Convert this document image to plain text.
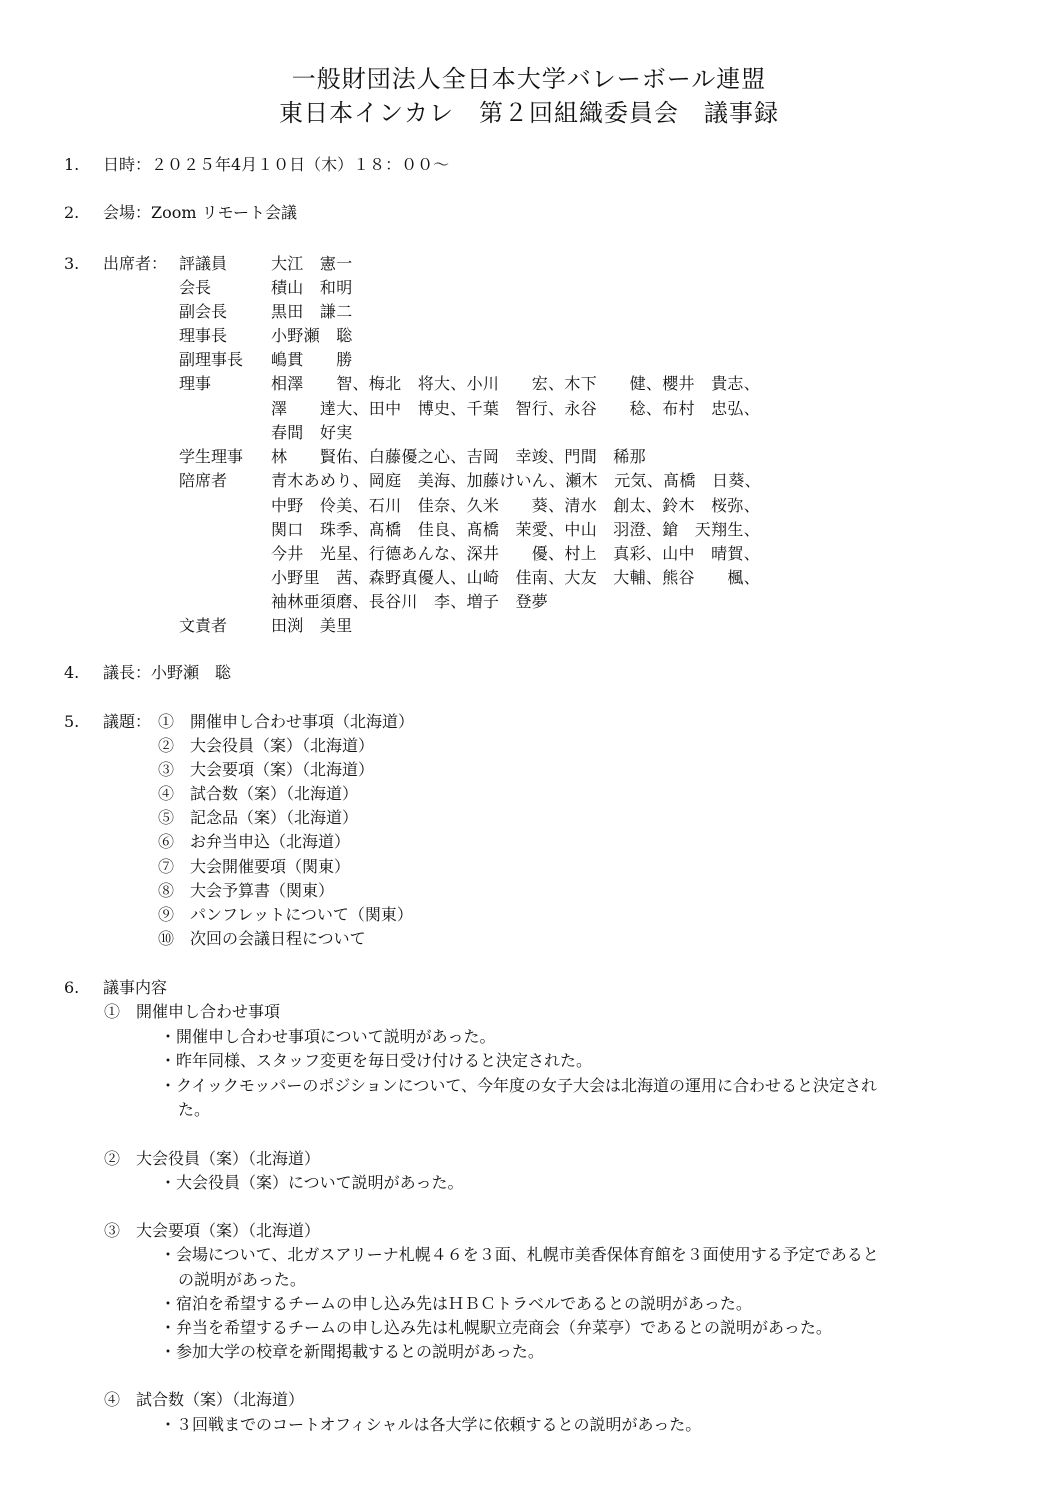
一般財団法人全日本大学バレーボール連盟
東日本インカレ　第２回組織委員会　議事録
1. 日時：２０２５年4月１０日（木）１８：００～
2. 会場：Zoom リモート会議
3. 出席者： 評議員	大江　憲一
会長	積山　和明
副会長	黒田　謙二
理事長	小野瀬　聡
副理事長 嶋貫　　勝
理事	相澤　　智、梅北　将大、小川　　宏、木下　　健、櫻井　貴志、
澤　　達大、田中　博史、千葉　智行、永谷　　稔、布村　忠弘、
春間　好実
学生理事 林　　賢佑、白藤優之心、吉岡　幸竣、門間　稀那
陪席者	青木あめり、岡庭　美海、加藤けいん、瀬木　元気、髙橋　日葵、
中野　伶美、石川　佳奈、久米　　葵、清水　創太、鈴木　桜弥、
関口　珠季、髙橋　佳良、髙橋　茉愛、中山　羽澄、鎗　天翔生、
今井　光星、行德あんな、深井　　優、村上　真彩、山中　晴賀、
小野里　茜、森野真優人、山崎　佳南、大友　大輔、熊谷　　楓、
袖林亜須磨、長谷川　李、増子　登夢
文責者	田渕　美里
4. 議長：小野瀬　聡
5. 議題： ①　開催申し合わせ事項（北海道）
②　大会役員（案）（北海道）
③　大会要項（案）（北海道）
④　試合数（案）（北海道）
⑤　記念品（案）（北海道）
⑥　お弁当申込（北海道）
⑦　大会開催要項（関東）
⑧　大会予算書（関東）
⑨　パンフレットについて（関東）
⑩　次回の会議日程について
6. 議事内容
①　開催申し合わせ事項
・開催申し合わせ事項について説明があった。
・昨年同様、スタッフ変更を毎日受け付けると決定された。
・クイックモッパーのポジションについて、今年度の女子大会は北海道の運用に合わせると決定され
た。
②　大会役員（案）（北海道）
・大会役員（案）について説明があった。
③　大会要項（案）（北海道）
・会場について、北ガスアリーナ札幌４６を３面、札幌市美香保体育館を３面使用する予定であると
の説明があった。
・宿泊を希望するチームの申し込み先はＨＢＣトラベルであるとの説明があった。
・弁当を希望するチームの申し込み先は札幌駅立売商会（弁菜亭）であるとの説明があった。
・参加大学の校章を新聞掲載するとの説明があった。
④　試合数（案）（北海道）
・３回戦までのコートオフィシャルは各大学に依頼するとの説明があった。
